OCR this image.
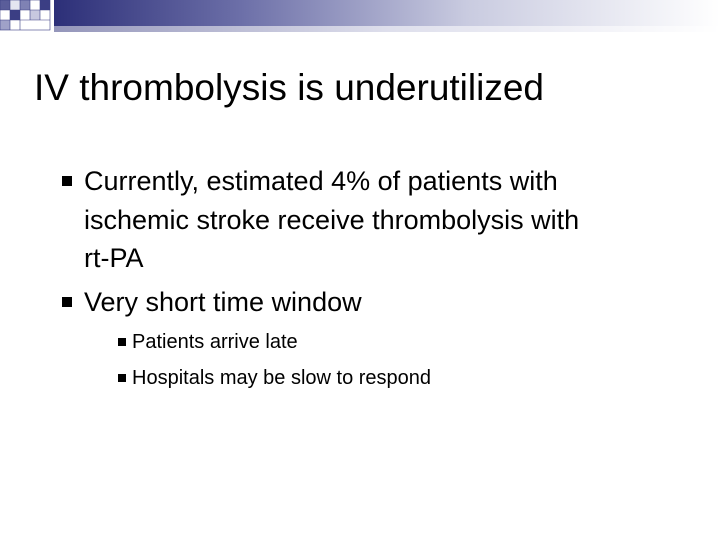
IV thrombolysis is underutilized
Currently, estimated 4% of patients with
ischemic stroke receive thrombolysis with
rt-PA
Very short time window
Patients arrive late
Hospitals may be slow to respond
